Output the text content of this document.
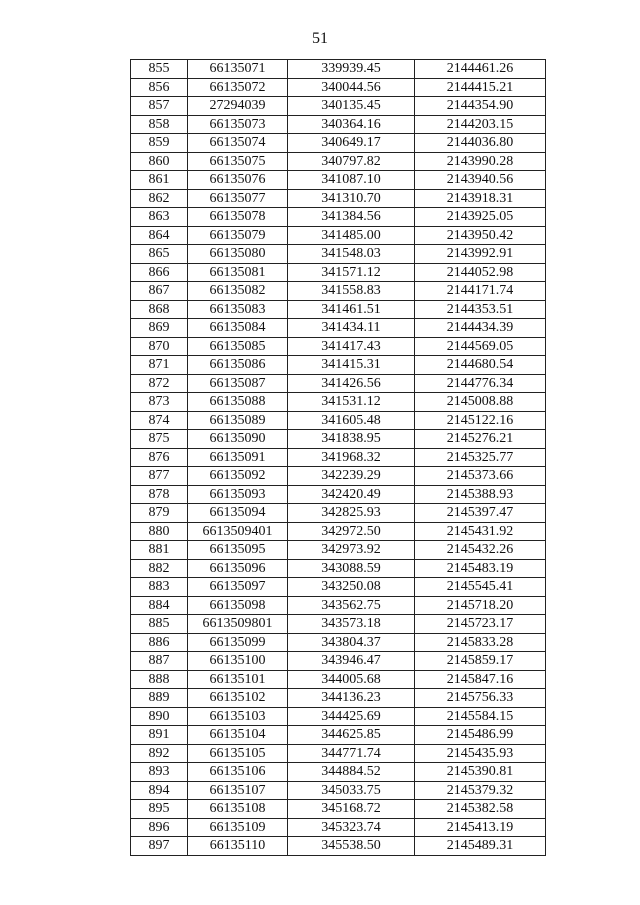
51
855	66135071	339939.45	2144461.26
856	66135072	340044.56	2144415.21
857	27294039	340135.45	2144354.90
858	66135073	340364.16	2144203.15
859	66135074	340649.17	2144036.80
860	66135075	340797.82	2143990.28
861	66135076	341087.10	2143940.56
862	66135077	341310.70	2143918.31
863	66135078	341384.56	2143925.05
864	66135079	341485.00	2143950.42
865	66135080	341548.03	2143992.91
866	66135081	341571.12	2144052.98
867	66135082	341558.83	2144171.74
868	66135083	341461.51	2144353.51
869	66135084	341434.11	2144434.39
870	66135085	341417.43	2144569.05
871	66135086	341415.31	2144680.54
872	66135087	341426.56	2144776.34
873	66135088	341531.12	2145008.88
874	66135089	341605.48	2145122.16
875	66135090	341838.95	2145276.21
876	66135091	341968.32	2145325.77
877	66135092	342239.29	2145373.66
878	66135093	342420.49	2145388.93
879	66135094	342825.93	2145397.47
880	6613509401	342972.50	2145431.92
881	66135095	342973.92	2145432.26
882	66135096	343088.59	2145483.19
883	66135097	343250.08	2145545.41
884	66135098	343562.75	2145718.20
885	6613509801	343573.18	2145723.17
886	66135099	343804.37	2145833.28
887	66135100	343946.47	2145859.17
888	66135101	344005.68	2145847.16
889	66135102	344136.23	2145756.33
890	66135103	344425.69	2145584.15
891	66135104	344625.85	2145486.99
892	66135105	344771.74	2145435.93
893	66135106	344884.52	2145390.81
894	66135107	345033.75	2145379.32
895	66135108	345168.72	2145382.58
896	66135109	345323.74	2145413.19
897	66135110	345538.50	2145489.31
